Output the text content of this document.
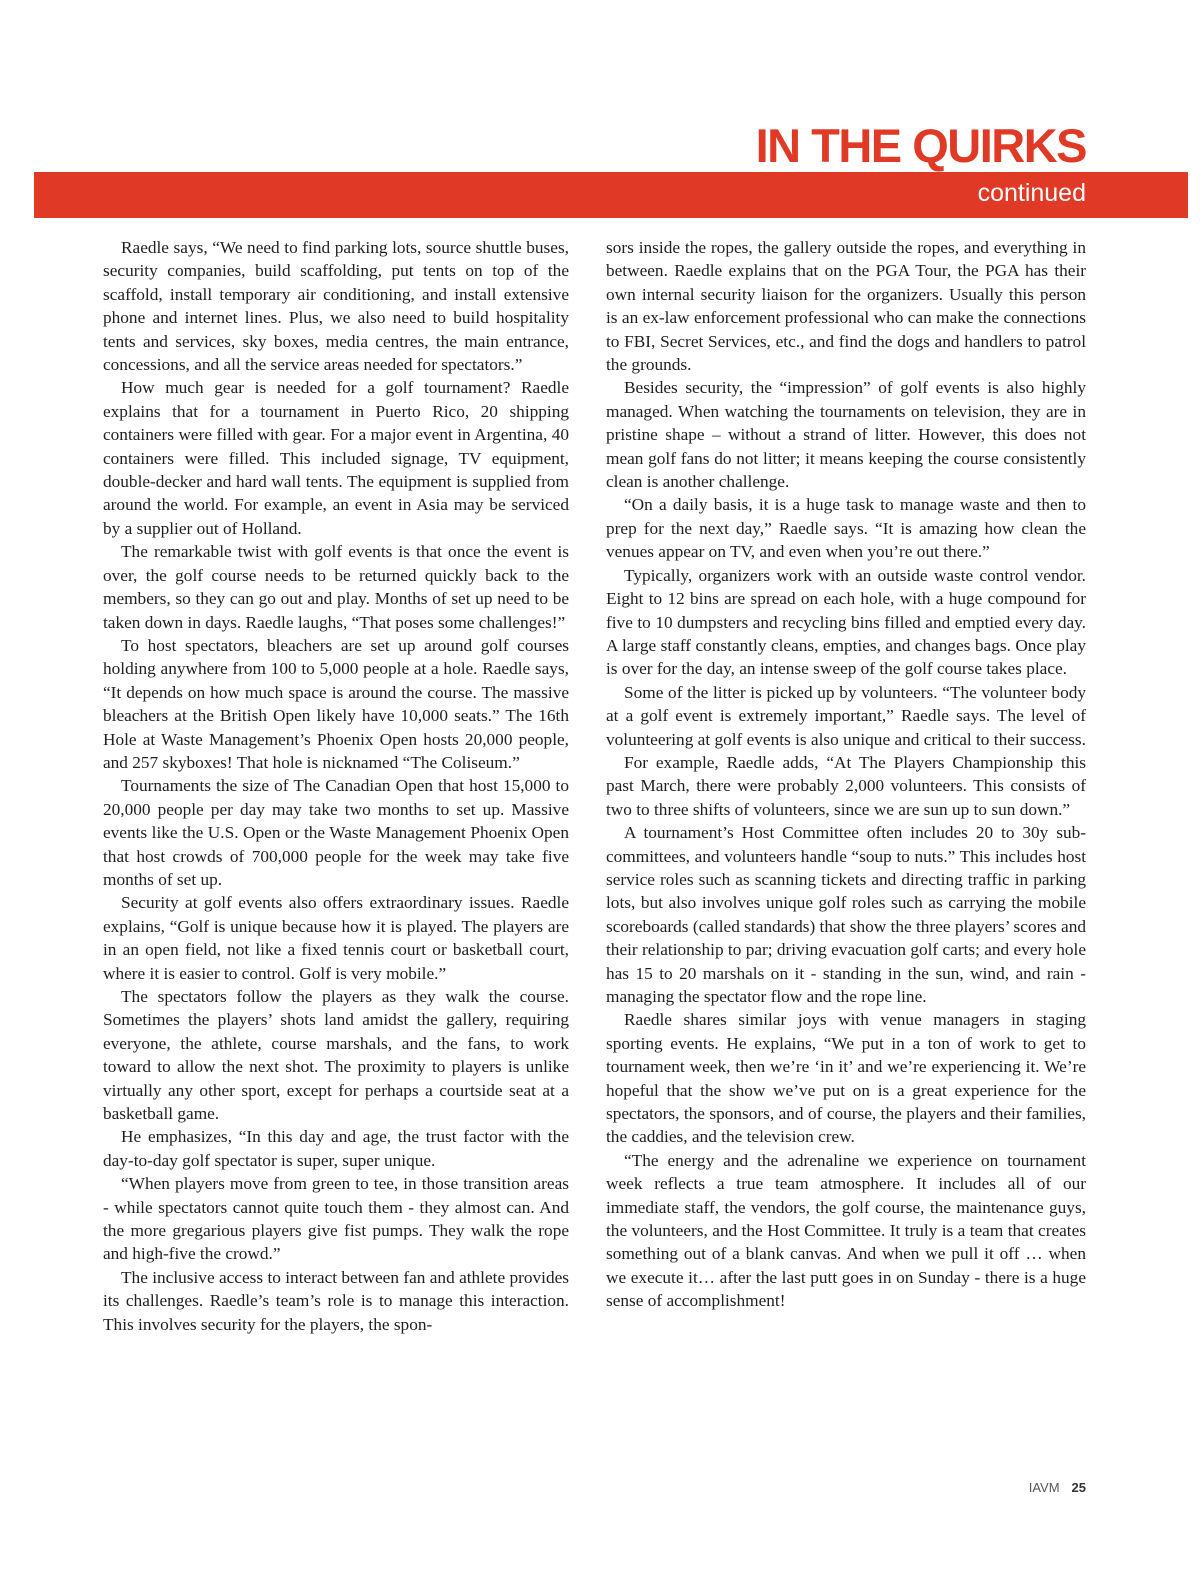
IN THE QUIRKS
continued

Raedle says, “We need to find parking lots, source shuttle buses, security companies, build scaffolding, put tents on top of the scaffold, install temporary air conditioning, and install extensive phone and internet lines. Plus, we also need to build hospitality tents and services, sky boxes, media centres, the main entrance, concessions, and all the service areas needed for spectators.”

How much gear is needed for a golf tournament? Raedle explains that for a tournament in Puerto Rico, 20 shipping containers were filled with gear. For a major event in Argentina, 40 containers were filled. This included signage, TV equipment, double-decker and hard wall tents. The equipment is supplied from around the world. For example, an event in Asia may be serviced by a supplier out of Holland.

The remarkable twist with golf events is that once the event is over, the golf course needs to be returned quickly back to the members, so they can go out and play. Months of set up need to be taken down in days. Raedle laughs, “That poses some challenges!”

To host spectators, bleachers are set up around golf courses holding anywhere from 100 to 5,000 people at a hole. Raedle says, “It depends on how much space is around the course. The massive bleachers at the British Open likely have 10,000 seats.” The 16th Hole at Waste Management’s Phoenix Open hosts 20,000 people, and 257 skyboxes! That hole is nicknamed “The Coliseum.”

Tournaments the size of The Canadian Open that host 15,000 to 20,000 people per day may take two months to set up. Massive events like the U.S. Open or the Waste Management Phoenix Open that host crowds of 700,000 people for the week may take five months of set up.

Security at golf events also offers extraordinary issues. Raedle explains, “Golf is unique because how it is played. The players are in an open field, not like a fixed tennis court or basketball court, where it is easier to control. Golf is very mobile.”

The spectators follow the players as they walk the course. Sometimes the players’ shots land amidst the gallery, requiring everyone, the athlete, course marshals, and the fans, to work toward to allow the next shot. The proximity to players is unlike virtually any other sport, except for perhaps a courtside seat at a basketball game.

He emphasizes, “In this day and age, the trust factor with the day-to-day golf spectator is super, super unique.

“When players move from green to tee, in those transition areas - while spectators cannot quite touch them - they almost can. And the more gregarious players give fist pumps. They walk the rope and high-five the crowd.”

The inclusive access to interact between fan and athlete provides its challenges. Raedle’s team’s role is to manage this interaction. This involves security for the players, the spon-

sors inside the ropes, the gallery outside the ropes, and everything in between. Raedle explains that on the PGA Tour, the PGA has their own internal security liaison for the organizers. Usually this person is an ex-law enforcement professional who can make the connections to FBI, Secret Services, etc., and find the dogs and handlers to patrol the grounds.

Besides security, the “impression” of golf events is also highly managed. When watching the tournaments on television, they are in pristine shape – without a strand of litter. However, this does not mean golf fans do not litter; it means keeping the course consistently clean is another challenge.

“On a daily basis, it is a huge task to manage waste and then to prep for the next day,” Raedle says. “It is amazing how clean the venues appear on TV, and even when you’re out there.”

Typically, organizers work with an outside waste control vendor. Eight to 12 bins are spread on each hole, with a huge compound for five to 10 dumpsters and recycling bins filled and emptied every day. A large staff constantly cleans, empties, and changes bags. Once play is over for the day, an intense sweep of the golf course takes place.

Some of the litter is picked up by volunteers. “The volunteer body at a golf event is extremely important,” Raedle says. The level of volunteering at golf events is also unique and critical to their success.

For example, Raedle adds, “At The Players Championship this past March, there were probably 2,000 volunteers. This consists of two to three shifts of volunteers, since we are sun up to sun down.”

A tournament’s Host Committee often includes 20 to 30y sub-committees, and volunteers handle “soup to nuts.” This includes host service roles such as scanning tickets and directing traffic in parking lots, but also involves unique golf roles such as carrying the mobile scoreboards (called standards) that show the three players’ scores and their relationship to par; driving evacuation golf carts; and every hole has 15 to 20 marshals on it - standing in the sun, wind, and rain - managing the spectator flow and the rope line.

Raedle shares similar joys with venue managers in staging sporting events. He explains, “We put in a ton of work to get to tournament week, then we’re ‘in it’ and we’re experiencing it. We’re hopeful that the show we’ve put on is a great experience for the spectators, the sponsors, and of course, the players and their families, the caddies, and the television crew.

“The energy and the adrenaline we experience on tournament week reflects a true team atmosphere. It includes all of our immediate staff, the vendors, the golf course, the maintenance guys, the volunteers, and the Host Committee. It truly is a team that creates something out of a blank canvas. And when we pull it off … when we execute it… after the last putt goes in on Sunday - there is a huge sense of accomplishment!

IAVM 25
